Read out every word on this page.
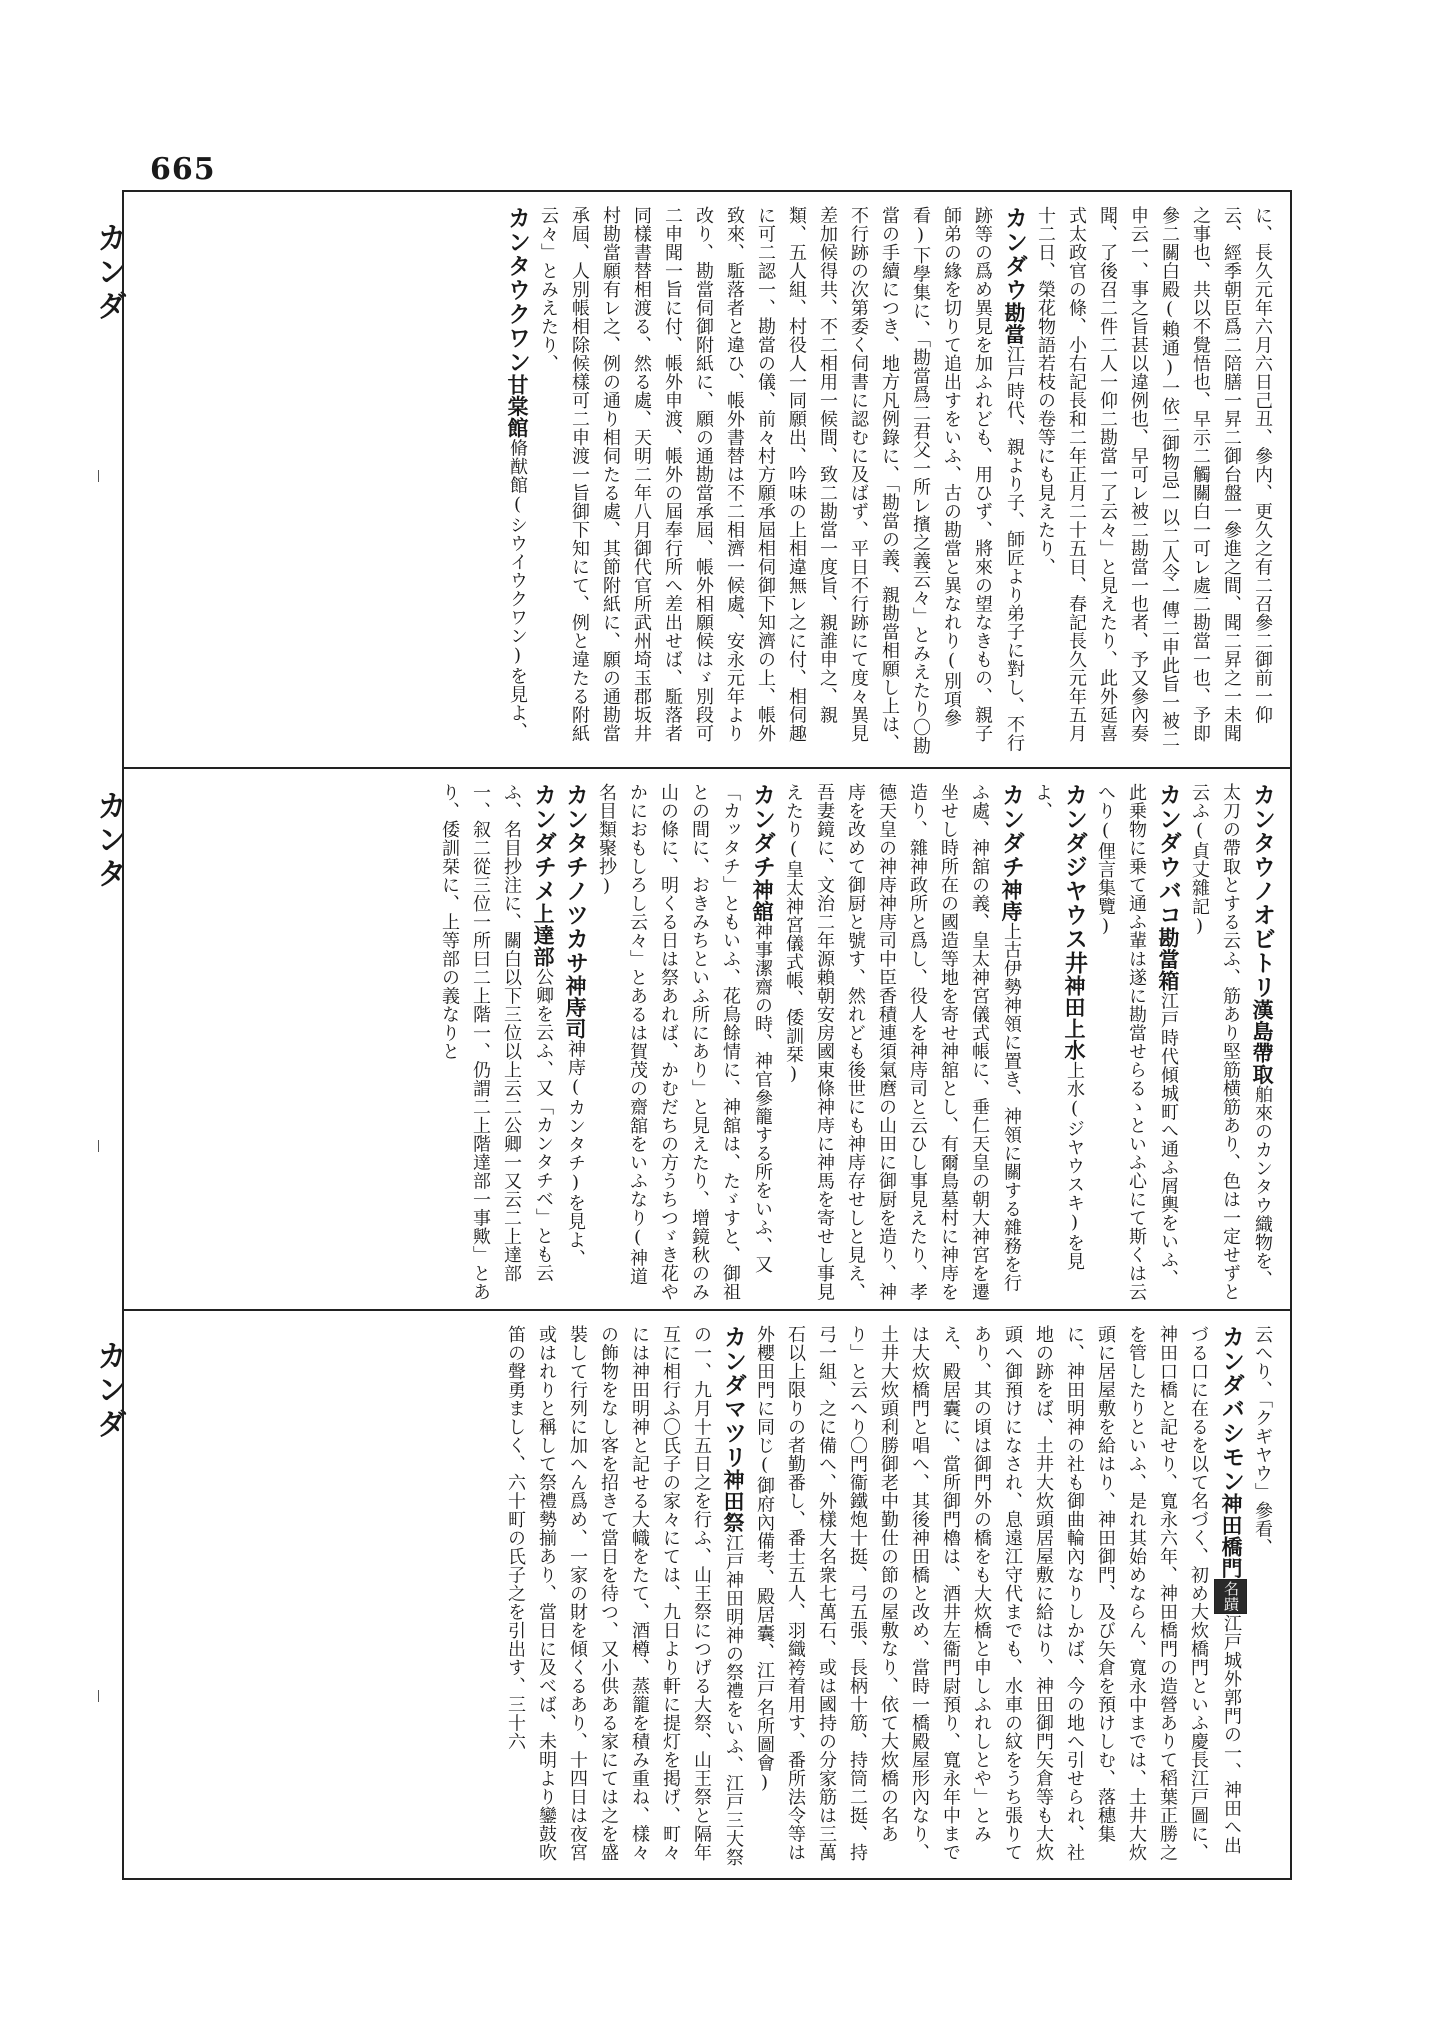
665
カンダ
カンタ
カンダ

に、長久元年六月六日己丑、參内、更久之有二召參二御前一仰云、經季朝臣爲二陪膳一昇二御台盤一參進之間、聞二昇之一未聞之事也、共以不覺悟也、早示二觸關白一可レ處二勘當一也、予即參二關白殿(賴通)一依二御物忌一以二人令一傳二申此旨一被二申云一、事之旨甚以違例也、早可レ被二勘當一也者、予又參內奏聞、了後召二件二人一仰二勘當一了云々」と見えたり、此外延喜式太政官の條、小右記長和二年正月二十五日、春記長久元年五月十二日、榮花物語若枝の卷等にも見えたり、

カンダウ勘當江戸時代、親より子、師匠より弟子に對し、不行跡等の爲め異見を加ふれども、用ひず、將來の望なきもの、親子師弟の緣を切りて追出すをいふ、古の勘當と異なれり(別項參看)下學集に、「勘當爲二君父一所レ擯之義云々」とみえたり〇勘當の手續につき、地方凡例錄に、「勘當の義、親勘當相願し上は、不行跡の次第委く伺書に認むに及ばず、平日不行跡にて度々異見差加候得共、不二相用一候間、致二勘當一度旨、親誰申之、親類、五人組、村役人一同願出、吟味の上相違無レ之に付、相伺趣に可二認一、勘當の儀、前々村方願承屆相伺御下知濟の上、帳外致來、駈落者と違ひ、帳外書替は不二相濟一候處、安永元年より改り、勘當伺御附紙に、願の通勘當承屆、帳外相願候はゞ別段可二申聞一旨に付、帳外申渡、帳外の屆奉行所へ差出せば、駈落者同樣書替相渡る、然る處、天明二年八月御代官所武州埼玉郡坂井村勘當願有レ之、例の通り相伺たる處、其節附紙に、願の通勘當承屆、人別帳相除候樣可二申渡一旨御下知にて、例と違たる附紙云々」とみえたり、

カンタウクワン甘棠館脩猷館(シウイウクワン)を見よ、

カンタウノオビトリ漢島帶取舶來のカンタウ織物を、太刀の帶取とする云ふ、筋あり堅筋横筋あり、色は一定せずと云ふ(貞丈雜記)

カンダウバコ勘當箱江戸時代傾城町へ通ふ屑輿をいふ、此乗物に乗て通ふ輩は遂に勘當せらるゝといふ心にて斯くは云へり(俚言集覽)

カンダジヤウス井神田上水上水(ジヤウスキ)を見よ、

カンダチ神庤上古伊勢神領に置き、神領に關する雜務を行ふ處、神舘の義、皇太神宮儀式帳に、垂仁天皇の朝大神宮を遷坐せし時所在の國造等地を寄せ神舘とし、有爾鳥墓村に神庤を造り、雜神政所と爲し、役人を神庤司と云ひし事見えたり、孝德天皇の神庤神庤司中臣香積連須氣麿の山田に御厨を造り、神庤を改めて御厨と號す、然れども後世にも神庤存せしと見え、吾妻鏡に、文治二年源賴朝安房國東條神庤に神馬を寄せし事見えたり(皇太神宮儀式帳、倭訓栞)

カンダチ神舘神事潔齋の時、神官參籠する所をいふ、又「カッタチ」ともいふ、花鳥餘情に、神舘は、たゞすと、御祖との間に、おきみちといふ所にあり」と見えたり、增鏡秋のみ山の條に、明くる日は祭あれば、かむだちの方うちつゞき花やかにおもしろし云々」とあるは賀茂の齋舘をいふなり(神道名目類聚抄)

カンタチノツカサ神庤司神庤(カンタチ)を見よ、

カンダチメ上達部公卿を云ふ、又「カンタチベ」とも云ふ、名目抄注に、關白以下三位以上云二公卿一又云二上達部一、叙二從三位一所曰二上階一、仍謂二上階達部一事歟」とあり、倭訓栞に、上等部の義なりと

云へり、「クギヤウ」參看、

カンダバシモン神田橋門名蹟江戸城外郭門の一、神田へ出づる口に在るを以て名づく、初め大炊橋門といふ慶長江戸圖に、神田口橋と記せり、寬永六年、神田橋門の造營ありて稻葉正勝之を管したりといふ、是れ其始めならん、寬永中までは、土井大炊頭に居屋敷を給はり、神田御門、及び矢倉を預けしむ、落穗集に、神田明神の社も御曲輪內なりしかば、今の地へ引せられ、社地の跡をば、土井大炊頭居屋敷に給はり、神田御門矢倉等も大炊頭へ御預けになされ、息遠江守代までも、水車の紋をうち張りてあり、其の頃は御門外の橋をも大炊橋と申しふれしとや」とみえ、殿居囊に、當所御門櫓は、酒井左衞門尉預り、寬永年中までは大炊橋門と唱へ、其後神田橋と改め、當時一橋殿屋形內なり、土井大炊頭利勝御老中勤仕の節の屋敷なり、依て大炊橋の名あり」と云へり〇門衞鐵炮十挺、弓五張、長柄十筋、持筒二挺、持弓一組、之に備へ、外樣大名衆七萬石、或は國持の分家筋は三萬石以上限りの者勤番し、番士五人、羽織袴着用す、番所法令等は外櫻田門に同じ(御府內備考、殿居囊、江戸名所圖會)

カンダマツリ神田祭江戸神田明神の祭禮をいふ、江戸三大祭の一、九月十五日之を行ふ、山王祭につげる大祭、山王祭と隔年互に相行ふ〇氏子の家々にては、九日より軒に提灯を掲げ、町々には神田明神と記せる大幟をたて、酒樽、蒸籠を積み重ね、樣々の飾物をなし客を招きて當日を待つ、又小供ある家にては之を盛裝して行列に加へん爲め、一家の財を傾くるあり、十四日は夜宮或はれりと稱して祭禮勢揃あり、當日に及べば、未明より鑾鼓吹笛の聲勇ましく、六十町の氏子之を引出す、三十六
